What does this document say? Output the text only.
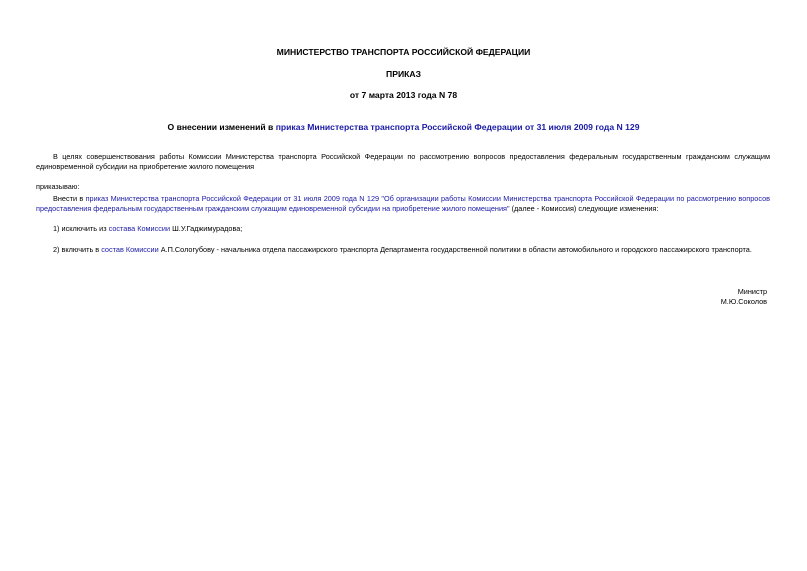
МИНИСТЕРСТВО ТРАНСПОРТА РОССИЙСКОЙ ФЕДЕРАЦИИ
ПРИКАЗ
от 7 марта 2013 года N 78
О внесении изменений в приказ Министерства транспорта Российской Федерации от 31 июля 2009 года N 129
В целях совершенствования работы Комиссии Министерства транспорта Российской Федерации по рассмотрению вопросов предоставления федеральным государственным гражданским служащим единовременной субсидии на приобретение жилого помещения
приказываю:
Внести в приказ Министерства транспорта Российской Федерации от 31 июля 2009 года N 129 "Об организации работы Комиссии Министерства транспорта Российской Федерации по рассмотрению вопросов предоставления федеральным государственным гражданским служащим единовременной субсидии на приобретение жилого помещения" (далее - Комиссия) следующие изменения:
1) исключить из состава Комиссии Ш.У.Гаджимурадова;
2) включить в состав Комиссии А.П.Сологубову - начальника отдела пассажирского транспорта Департамента государственной политики в области автомобильного и городского пассажирского транспорта.
Министр
М.Ю.Соколов
